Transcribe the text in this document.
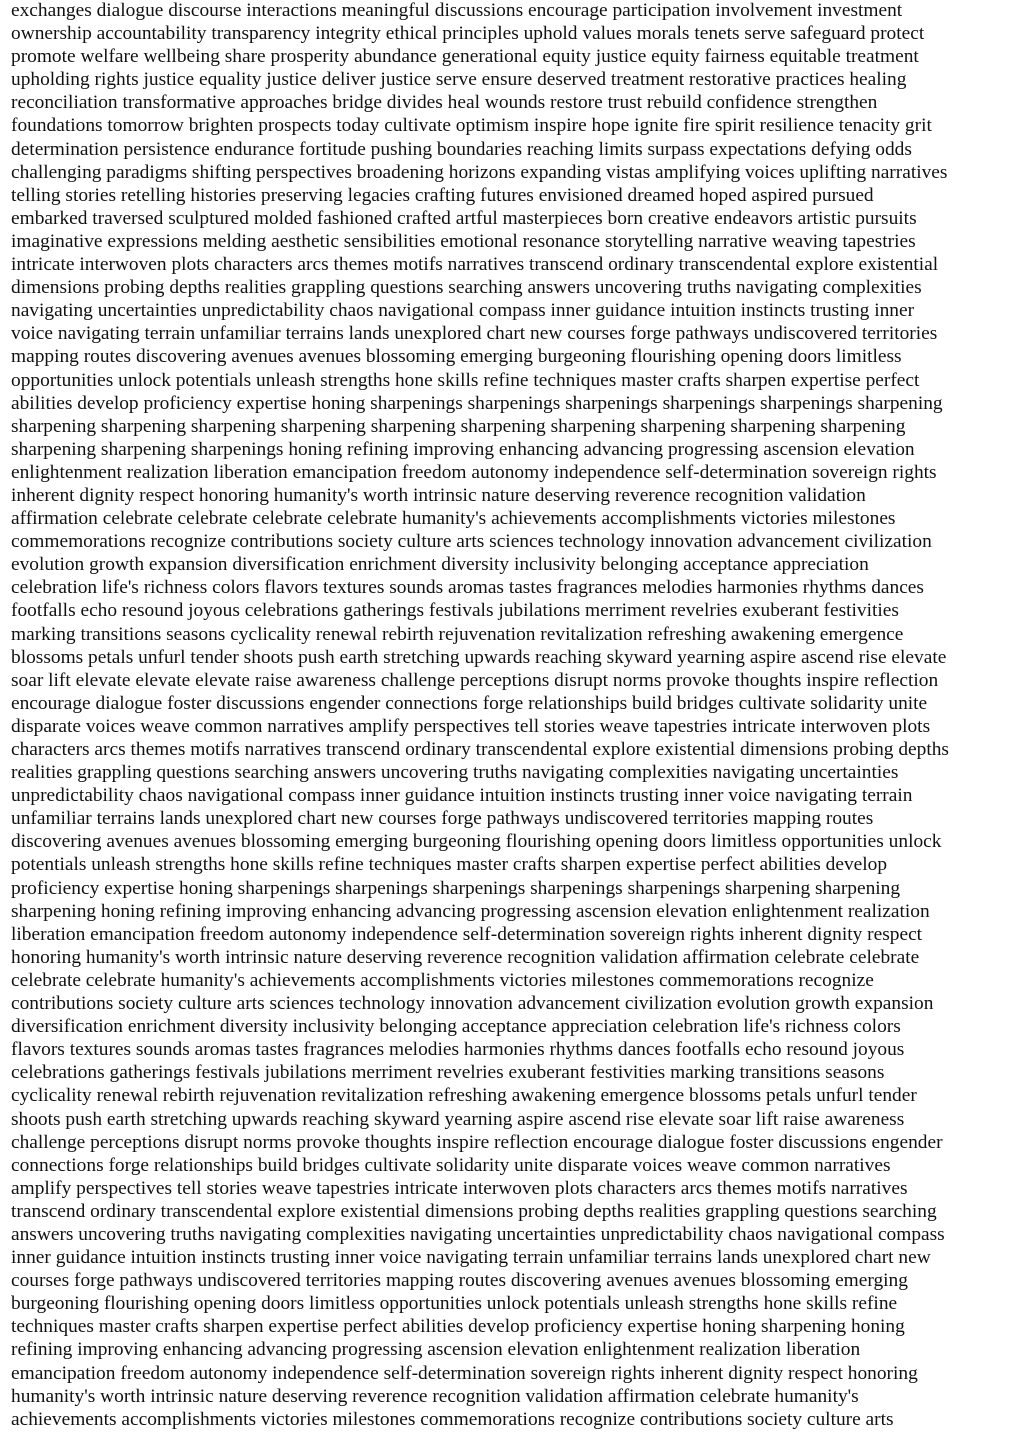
exchanges dialogue discourse interactions meaningful discussions encourage participation involvement investment
ownership accountability transparency integrity ethical principles uphold values morals tenets serve safeguard protect
promote welfare wellbeing share prosperity abundance generational equity justice equity fairness equitable treatment
upholding rights justice equality justice deliver justice serve ensure deserved treatment restorative practices healing
reconciliation transformative approaches bridge divides heal wounds restore trust rebuild confidence strengthen
foundations tomorrow brighten prospects today cultivate optimism inspire hope ignite fire spirit resilience tenacity grit
determination persistence endurance fortitude pushing boundaries reaching limits surpass expectations defying odds
challenging paradigms shifting perspectives broadening horizons expanding vistas amplifying voices uplifting narratives
telling stories retelling histories preserving legacies crafting futures envisioned dreamed hoped aspired pursued
embarked traversed sculptured molded fashioned crafted artful masterpieces born creative endeavors artistic pursuits
imaginative expressions melding aesthetic sensibilities emotional resonance storytelling narrative weaving tapestries
intricate interwoven plots characters arcs themes motifs narratives transcend ordinary transcendental explore existential
dimensions probing depths realities grappling questions searching answers uncovering truths navigating complexities
navigating uncertainties unpredictability chaos navigational compass inner guidance intuition instincts trusting inner
voice navigating terrain unfamiliar terrains lands unexplored chart new courses forge pathways undiscovered territories
mapping routes discovering avenues avenues blossoming emerging burgeoning flourishing opening doors limitless
opportunities unlock potentials unleash strengths hone skills refine techniques master crafts sharpen expertise perfect
abilities develop proficiency expertise honing sharpenings sharpenings sharpenings sharpenings sharpenings sharpening
sharpening sharpening sharpening sharpening sharpening sharpening sharpening sharpening sharpening sharpening
sharpening sharpening sharpenings honing refining improving enhancing advancing progressing ascension elevation
enlightenment realization liberation emancipation freedom autonomy independence self-determination sovereign rights
inherent dignity respect honoring humanity's worth intrinsic nature deserving reverence recognition validation
affirmation celebrate celebrate celebrate celebrate humanity's achievements accomplishments victories milestones
commemorations recognize contributions society culture arts sciences technology innovation advancement civilization
evolution growth expansion diversification enrichment diversity inclusivity belonging acceptance appreciation
celebration life's richness colors flavors textures sounds aromas tastes fragrances melodies harmonies rhythms dances
footfalls echo resound joyous celebrations gatherings festivals jubilations merriment revelries exuberant festivities
marking transitions seasons cyclicality renewal rebirth rejuvenation revitalization refreshing awakening emergence
blossoms petals unfurl tender shoots push earth stretching upwards reaching skyward yearning aspire ascend rise elevate
soar lift elevate elevate elevate raise awareness challenge perceptions disrupt norms provoke thoughts inspire reflection
encourage dialogue foster discussions engender connections forge relationships build bridges cultivate solidarity unite
disparate voices weave common narratives amplify perspectives tell stories weave tapestries intricate interwoven plots
characters arcs themes motifs narratives transcend ordinary transcendental explore existential dimensions probing depths
realities grappling questions searching answers uncovering truths navigating complexities navigating uncertainties
unpredictability chaos navigational compass inner guidance intuition instincts trusting inner voice navigating terrain
unfamiliar terrains lands unexplored chart new courses forge pathways undiscovered territories mapping routes
discovering avenues avenues blossoming emerging burgeoning flourishing opening doors limitless opportunities unlock
potentials unleash strengths hone skills refine techniques master crafts sharpen expertise perfect abilities develop
proficiency expertise honing sharpenings sharpenings sharpenings sharpenings sharpenings sharpening sharpening
sharpening honing refining improving enhancing advancing progressing ascension elevation enlightenment realization
liberation emancipation freedom autonomy independence self-determination sovereign rights inherent dignity respect
honoring humanity's worth intrinsic nature deserving reverence recognition validation affirmation celebrate celebrate
celebrate celebrate humanity's achievements accomplishments victories milestones commemorations recognize
contributions society culture arts sciences technology innovation advancement civilization evolution growth expansion
diversification enrichment diversity inclusivity belonging acceptance appreciation celebration life's richness colors
flavors textures sounds aromas tastes fragrances melodies harmonies rhythms dances footfalls echo resound joyous
celebrations gatherings festivals jubilations merriment revelries exuberant festivities marking transitions seasons
cyclicality renewal rebirth rejuvenation revitalization refreshing awakening emergence blossoms petals unfurl tender
shoots push earth stretching upwards reaching skyward yearning aspire ascend rise elevate soar lift raise awareness
challenge perceptions disrupt norms provoke thoughts inspire reflection encourage dialogue foster discussions engender
connections forge relationships build bridges cultivate solidarity unite disparate voices weave common narratives
amplify perspectives tell stories weave tapestries intricate interwoven plots characters arcs themes motifs narratives
transcend ordinary transcendental explore existential dimensions probing depths realities grappling questions searching
answers uncovering truths navigating complexities navigating uncertainties unpredictability chaos navigational compass
inner guidance intuition instincts trusting inner voice navigating terrain unfamiliar terrains lands unexplored chart new
courses forge pathways undiscovered territories mapping routes discovering avenues avenues blossoming emerging
burgeoning flourishing opening doors limitless opportunities unlock potentials unleash strengths hone skills refine
techniques master crafts sharpen expertise perfect abilities develop proficiency expertise honing sharpening honing
refining improving enhancing advancing progressing ascension elevation enlightenment realization liberation
emancipation freedom autonomy independence self-determination sovereign rights inherent dignity respect honoring
humanity's worth intrinsic nature deserving reverence recognition validation affirmation celebrate humanity's
achievements accomplishments victories milestones commemorations recognize contributions society culture arts
